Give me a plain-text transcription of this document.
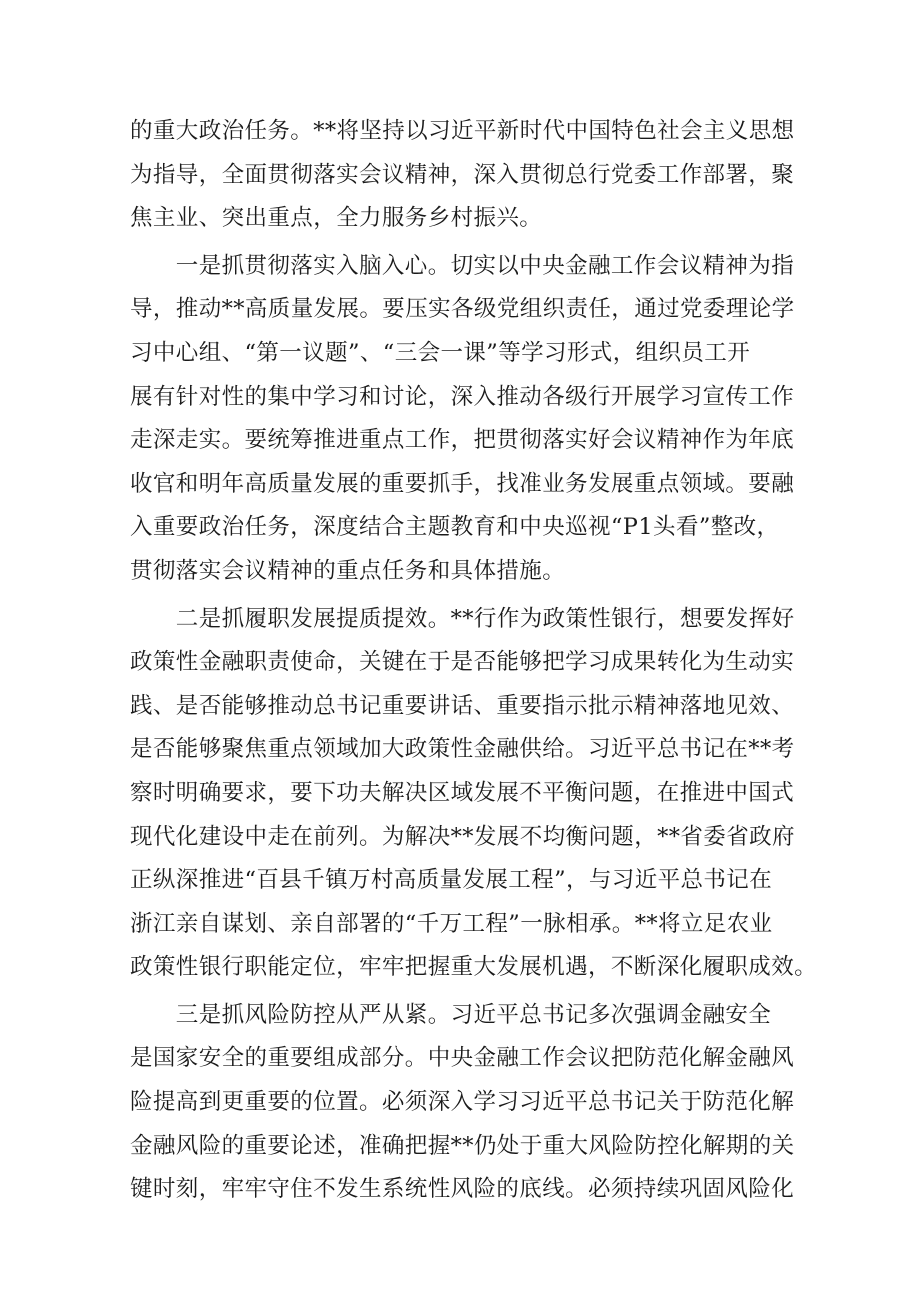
的重大政治任务。**将坚持以习近平新时代中国特色社会主义思想
为指导，全面贯彻落实会议精神，深入贯彻总行党委工作部署，聚
焦主业、突出重点，全力服务乡村振兴。
　　一是抓贯彻落实入脑入心。切实以中央金融工作会议精神为指
导，推动**高质量发展。要压实各级党组织责任，通过党委理论学
习中心组、“第一议题”、“三会一课”等学习形式，组织员工开
展有针对性的集中学习和讨论，深入推动各级行开展学习宣传工作
走深走实。要统筹推进重点工作，把贯彻落实好会议精神作为年底
收官和明年高质量发展的重要抓手，找准业务发展重点领域。要融
入重要政治任务，深度结合主题教育和中央巡视“P1头看”整改，
贯彻落实会议精神的重点任务和具体措施。
　　二是抓履职发展提质提效。**行作为政策性银行，想要发挥好
政策性金融职责使命，关键在于是否能够把学习成果转化为生动实
践、是否能够推动总书记重要讲话、重要指示批示精神落地见效、
是否能够聚焦重点领域加大政策性金融供给。习近平总书记在**考
察时明确要求，要下功夫解决区域发展不平衡问题，在推进中国式
现代化建设中走在前列。为解决**发展不均衡问题，**省委省政府
正纵深推进“百县千镇万村高质量发展工程”，与习近平总书记在
浙江亲自谋划、亲自部署的“千万工程”一脉相承。**将立足农业
政策性银行职能定位，牢牢把握重大发展机遇，不断深化履职成效。
　　三是抓风险防控从严从紧。习近平总书记多次强调金融安全
是国家安全的重要组成部分。中央金融工作会议把防范化解金融风
险提高到更重要的位置。必须深入学习习近平总书记关于防范化解
金融风险的重要论述，准确把握**仍处于重大风险防控化解期的关
键时刻，牢牢守住不发生系统性风险的底线。必须持续巩固风险化
